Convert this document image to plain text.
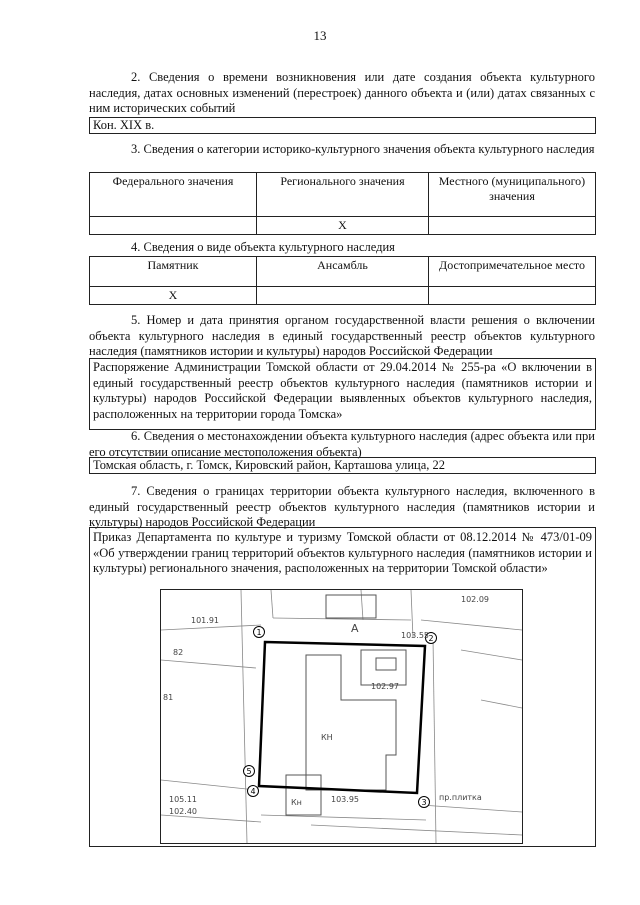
13
2. Сведения о времени возникновения или дате создания объекта культурного наследия, датах основных изменений (перестроек) данного объекта и (или) датах связанных с ним исторических событий
Кон. XIX в.
3. Сведения о категории историко-культурного значения объекта культурного наследия
Федерального значения	Регионального значения	Местного (муниципального) значения
	X	
4. Сведения о виде объекта культурного наследия
Памятник	Ансамбль	Достопримечательное место
X		
5. Номер и дата принятия органом государственной власти решения о включении объекта культурного наследия в единый государственный реестр объектов культурного наследия (памятников истории и культуры) народов Российской Федерации
Распоряжение Администрации Томской области от 29.04.2014 № 255-ра «О включении в единый государственный реестр объектов культурного наследия (памятников истории и культуры) народов Российской Федерации выявленных объектов культурного наследия, расположенных на территории города Томска»
6. Сведения о местонахождении объекта культурного наследия (адрес объекта или при его отсутствии описание местоположения объекта)
Томская область, г. Томск, Кировский район, Карташова улица, 22
7. Сведения о границах территории объекта культурного наследия, включенного в единый государственный реестр объектов культурного наследия (памятников истории и культуры) народов Российской Федерации
Приказ Департамента по культуре и туризму Томской области от 08.12.2014 № 473/01-09 «Об утверждении границ территорий объектов культурного наследия (памятников истории и культуры) регионального значения, расположенных на территории Томской области»
1
2
3
4
5
А
КН
Кн
102.97
103.95
103.55
102.09
пр.плитка
105.11
102.40
101.91
82
81
